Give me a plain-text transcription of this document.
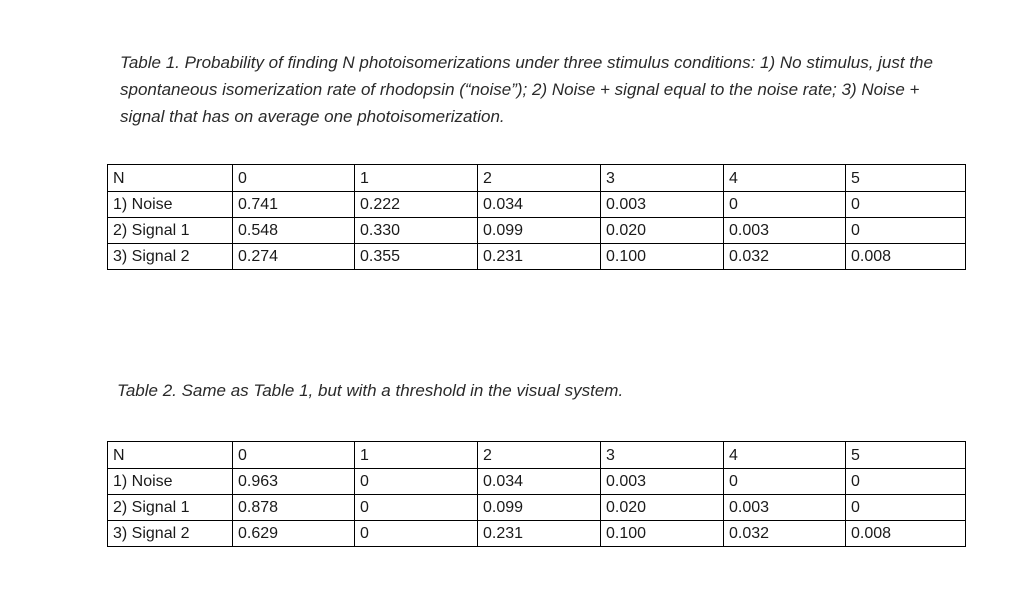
Table 1. Probability of finding N photoisomerizations under three stimulus conditions: 1) No stimulus, just the spontaneous isomerization rate of rhodopsin (“noise”); 2) Noise + signal equal to the noise rate; 3) Noise + signal that has on average one photoisomerization.

N	0	1	2	3	4	5
1) Noise	0.741	0.222	0.034	0.003	0	0
2) Signal 1	0.548	0.330	0.099	0.020	0.003	0
3) Signal 2	0.274	0.355	0.231	0.100	0.032	0.008

Table 2. Same as Table 1, but with a threshold in the visual system.

N	0	1	2	3	4	5
1) Noise	0.963	0	0.034	0.003	0	0
2) Signal 1	0.878	0	0.099	0.020	0.003	0
3) Signal 2	0.629	0	0.231	0.100	0.032	0.008
